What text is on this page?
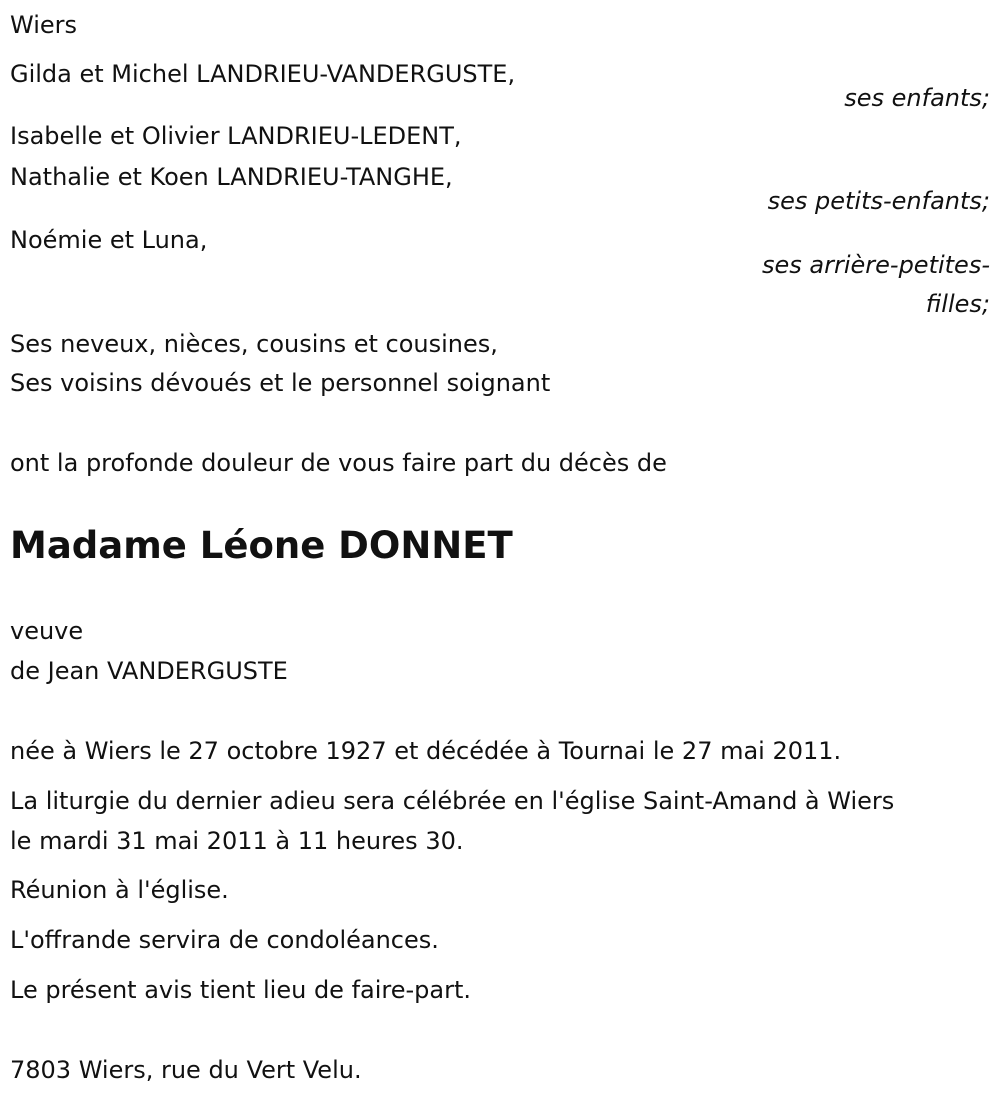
Wiers
Gilda et Michel LANDRIEU-VANDERGUSTE,
ses enfants;
Isabelle et Olivier LANDRIEU-LEDENT,
Nathalie et Koen LANDRIEU-TANGHE,
ses petits-enfants;
Noémie et Luna,
ses arrière-petites-
filles;
Ses neveux, nièces, cousins et cousines,
Ses voisins dévoués et le personnel soignant
ont la profonde douleur de vous faire part du décès de
Madame Léone DONNET
veuve
de Jean VANDERGUSTE
née à Wiers le 27 octobre 1927 et décédée à Tournai le 27 mai 2011.
La liturgie du dernier adieu sera célébrée en l'église Saint-Amand à Wiers
le mardi 31 mai 2011 à 11 heures 30.
Réunion à l'église.
L'offrande servira de condoléances.
Le présent avis tient lieu de faire-part.
7803 Wiers, rue du Vert Velu.
